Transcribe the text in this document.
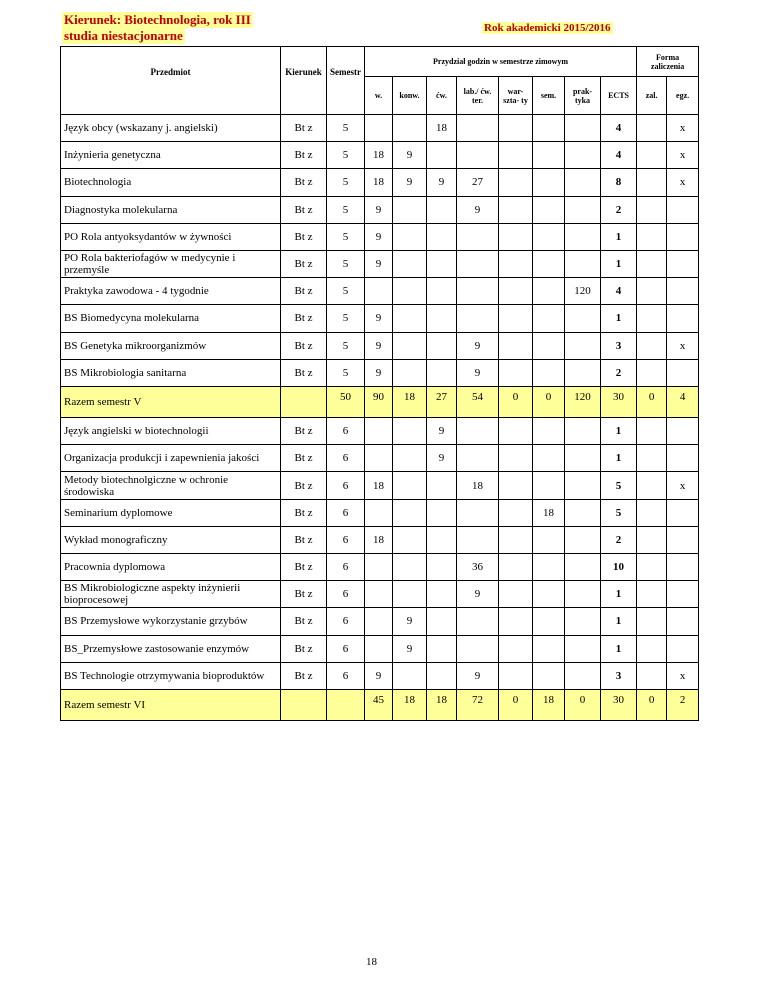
Kierunek: Biotechnologia, rok III
studia niestacjonarne	Rok akademicki 2015/2016
Przedmiot	Kierunek	Semestr	Przydział godzin w semestrze zimowym								Forma zaliczenia	
			w.	konw.	ćw.	lab./ ćw. ter.	war- szta- ty	sem.	prak- tyka	ECTS	zal.	egz.
Język obcy (wskazany j. angielski)	Bt z	5			18					4		x
Inżynieria genetyczna	Bt z	5	18	9						4		x
Biotechnologia	Bt z	5	18	9	9	27				8		x
Diagnostyka molekularna	Bt z	5	9			9				2		
PO Rola antyoksydantów w żywności	Bt z	5	9							1		
PO Rola bakteriofagów w medycynie i przemyśle	Bt z	5	9							1		
Praktyka zawodowa - 4 tygodnie	Bt z	5							120	4		
BS Biomedycyna molekularna	Bt z	5	9							1		
BS Genetyka mikroorganizmów	Bt z	5	9			9				3		x
BS Mikrobiologia sanitarna	Bt z	5	9			9				2		
Razem semestr V		50	90	18	27	54	0	0	120	30	0	4
Język angielski w biotechnologii	Bt z	6			9					1		
Organizacja produkcji i zapewnienia jakości	Bt z	6			9					1		
Metody biotechnolgiczne w ochronie środowiska	Bt z	6	18			18				5		x
Seminarium dyplomowe	Bt z	6						18		5		
Wykład monograficzny	Bt z	6	18							2		
Pracownia dyplomowa	Bt z	6				36				10		
BS Mikrobiologiczne aspekty inżynierii bioprocesowej	Bt z	6				9				1		
BS Przemysłowe wykorzystanie grzybów	Bt z	6		9						1		
BS_Przemysłowe zastosowanie enzymów	Bt z	6		9						1		
BS Technologie otrzymywania bioproduktów	Bt z	6	9			9				3		x
Razem semestr VI			45	18	18	72	0	18	0	30	0	2
18
